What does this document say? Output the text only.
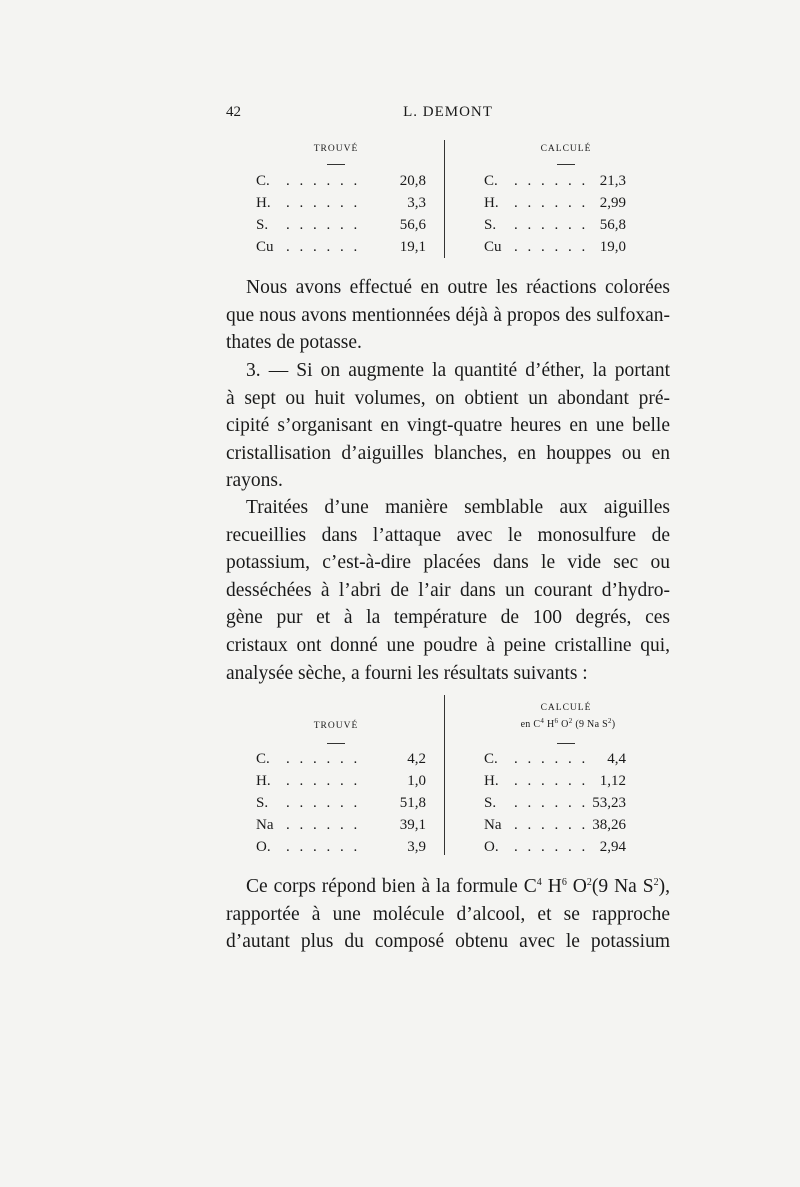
42	L. DEMONT
TROUVÉ	CALCULÉ
C. . . . . . .	20,8	C. . . . . . . 21,3
H. . . . . . .	3,3	H. . . . . . . 2,99
S. . . . . . .	56,6	S. . . . . . . 56,8
Cu . . . . . .	19,1	Cu . . . . . . 19,0
Nous avons effectué en outre les réactions colorées
que nous avons mentionnées déjà à propos des sulfoxan-
thates de potasse.
3. — Si on augmente la quantité d’éther, la portant
à sept ou huit volumes, on obtient un abondant pré-
cipité s’organisant en vingt-quatre heures en une belle
cristallisation d’aiguilles blanches, en houppes ou en
rayons.
Traitées d’une manière semblable aux aiguilles
recueillies dans l’attaque avec le monosulfure de
potassium, c’est-à-dire placées dans le vide sec ou
desséchées à l’abri de l’air dans un courant d’hydro-
gène pur et à la température de 100 degrés, ces
cristaux ont donné une poudre à peine cristalline qui,
analysée sèche, a fourni les résultats suivants :
CALCULÉ
TROUVÉ	en $C^4$ $H^6$ $O^2$ (9 Na $S^2$)
C. . . . . . .	4,2	C. . . . . . .	4,4
H. . . . . . .	1,0	H. . . . . . . 1,12
S. . . . . . .	51,8	S. . . . . . . 53,23
Na . . . . . .	39,1	Na . . . . . . 38,26
O. . . . . . .	3,9	O. . . . . . . 2,94
Ce corps répond bien à la formule $C^4$ $H^6$ $O^2(9$ Na $S^2$),
rapportée à une molécule d’alcool, et se rapproche
d’autant plus du composé obtenu avec le potassium
